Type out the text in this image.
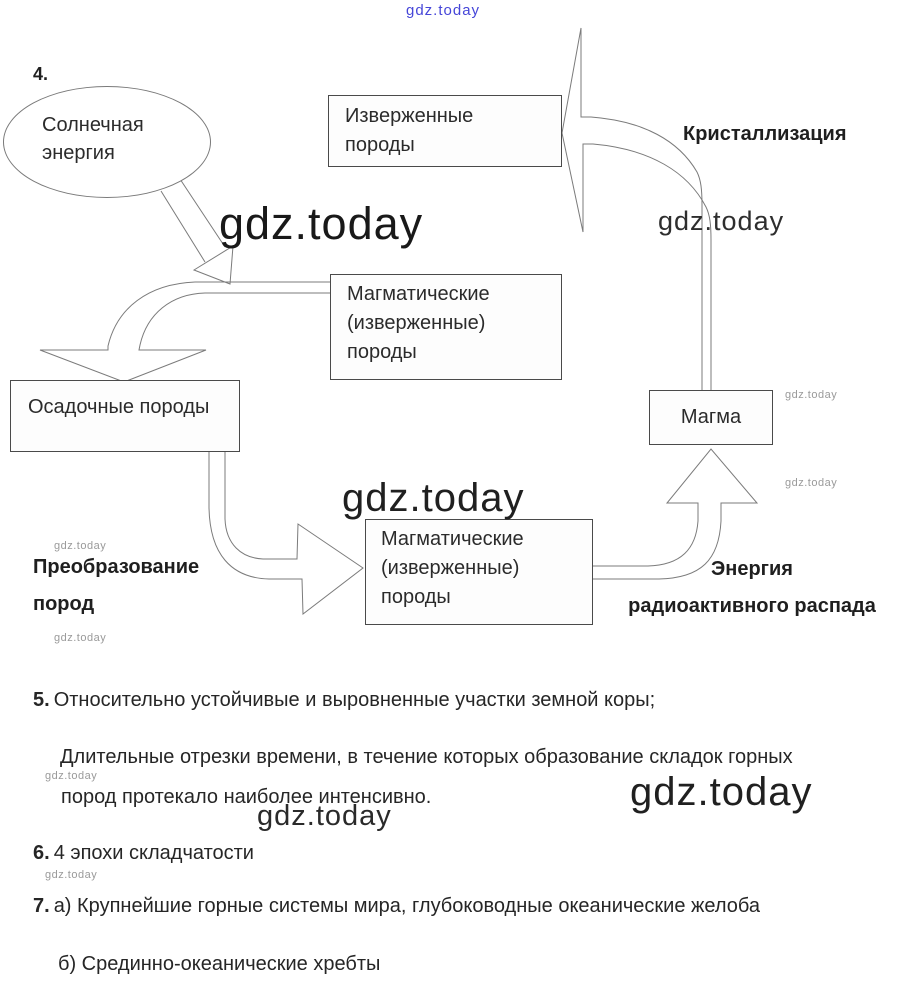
4.
Солнечная
энергия
Изверженные
породы	Кристаллизация
Магматические
(изверженные)
породы
Осадочные породы	Магма
Магматические
(изверженные)
породы
Преобразование
пород
Энергия
радиоактивного распада
5. Относительно устойчивые и выровненные участки земной коры;
Длительные отрезки времени, в течение которых образование складок горных
пород протекало наиболее интенсивно.
6. 4 эпохи складчатости
7. а) Крупнейшие горные системы мира, глубоководные океанические желоба
б) Срединно-океанические хребты
gdz.today
gdz.today	gdz.today
gdz.today
gdz.today
gdz.today
gdz.today
gdz.today
gdz.today
gdz.today
gdz.today
gdz.today
